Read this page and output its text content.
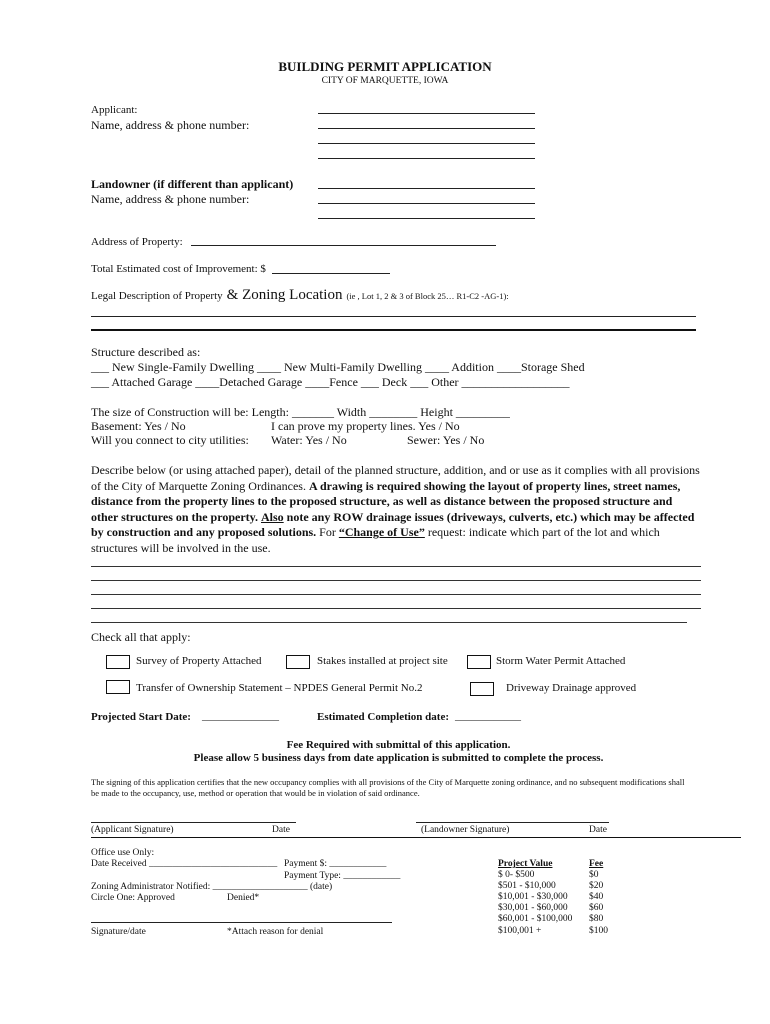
BUILDING PERMIT APPLICATION
CITY OF MARQUETTE, IOWA
Applicant:
Name, address & phone number:
Landowner (if different than applicant)
Name, address & phone number:
Address of Property:
Total Estimated cost of Improvement: $
Legal Description of Property & Zoning Location (ie , Lot 1, 2 & 3 of Block 25… R1-C2 -AG-1):
Structure described as:
___ New Single-Family Dwelling ____ New Multi-Family Dwelling ____ Addition ____Storage Shed
___ Attached Garage ____Detached Garage ____Fence ___ Deck ___ Other __________________
The size of Construction will be: Length: _______ Width ________ Height _________
Basement: Yes / No	I can prove my property lines. Yes / No
Will you connect to city utilities: Water: Yes / No	Sewer: Yes / No
Describe below (or using attached paper), detail of the planned structure, addition, and or use as it complies with all provisions of the City of Marquette Zoning Ordinances. A drawing is required showing the layout of property lines, street names, distance from the property lines to the proposed structure, as well as distance between the proposed structure and other structures on the property. Also note any ROW drainage issues (driveways, culverts, etc.) which may be affected by construction and any proposed solutions. For “Change of Use” request: indicate which part of the lot and which structures will be involved in the use.
Check all that apply:
Survey of Property Attached	Stakes installed at project site	Storm Water Permit Attached
Transfer of Ownership Statement – NPDES General Permit No.2	Driveway Drainage approved
Projected Start Date: ______________	Estimated Completion date: ____________
Fee Required with submittal of this application.
Please allow 5 business days from date application is submitted to complete the process.
The signing of this application certifies that the new occupancy complies with all provisions of the City of Marquette zoning ordinance, and no subsequent modifications shall be made to the occupancy, use, method or operation that would be in violation of said ordinance.
(Applicant Signature)	Date	(Landowner Signature)	Date
Office use Only:
Date Received ___________________________ Payment $: ____________
Payment Type: ____________
Zoning Administrator Notified: ____________________ (date)
Circle One: Approved	Denied*
Signature/date	*Attach reason for denial
Project Value	Fee
$ 0- $500	$0
$501 - $10,000	$20
$10,001 - $30,000 $40
$30,001 - $60,000 $60
$60,001 - $100,000 $80
$100,001 +	$100
